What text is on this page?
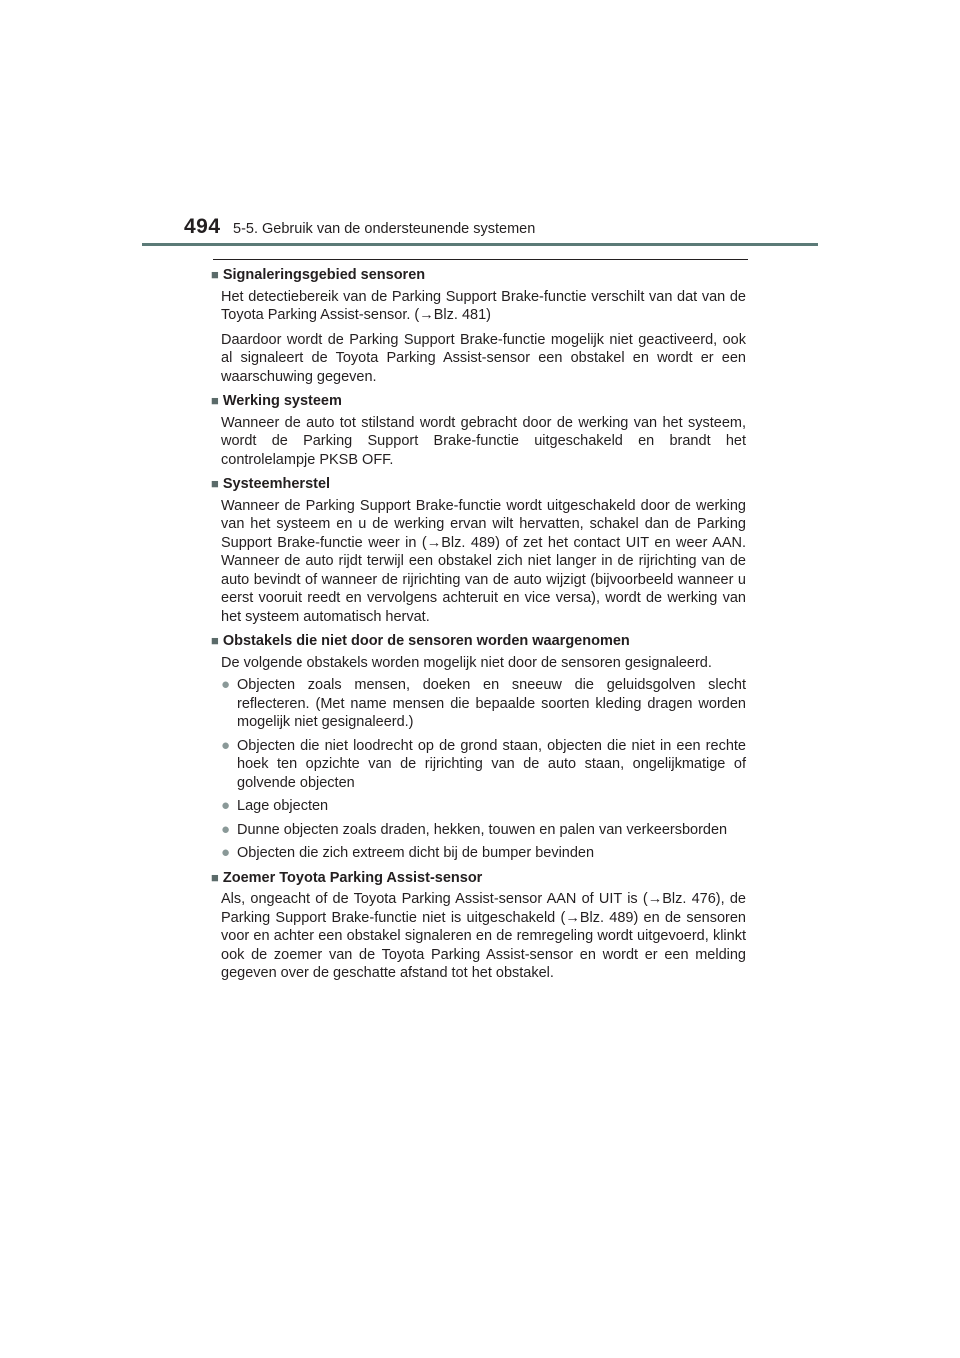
494 5-5. Gebruik van de ondersteunende systemen
■ Signaleringsgebied sensoren
Het detectiebereik van de Parking Support Brake-functie verschilt van dat van de Toyota Parking Assist-sensor. (→Blz. 481)
Daardoor wordt de Parking Support Brake-functie mogelijk niet geactiveerd, ook al signaleert de Toyota Parking Assist-sensor een obstakel en wordt er een waarschuwing gegeven.
■ Werking systeem
Wanneer de auto tot stilstand wordt gebracht door de werking van het systeem, wordt de Parking Support Brake-functie uitgeschakeld en brandt het controlelampje PKSB OFF.
■ Systeemherstel
Wanneer de Parking Support Brake-functie wordt uitgeschakeld door de werking van het systeem en u de werking ervan wilt hervatten, schakel dan de Parking Support Brake-functie weer in (→Blz. 489) of zet het contact UIT en weer AAN. Wanneer de auto rijdt terwijl een obstakel zich niet langer in de rijrichting van de auto bevindt of wanneer de rijrichting van de auto wijzigt (bijvoorbeeld wanneer u eerst vooruit reedt en vervolgens achteruit en vice versa), wordt de werking van het systeem automatisch hervat.
■ Obstakels die niet door de sensoren worden waargenomen
De volgende obstakels worden mogelijk niet door de sensoren gesignaleerd.
● Objecten zoals mensen, doeken en sneeuw die geluidsgolven slecht reflecteren. (Met name mensen die bepaalde soorten kleding dragen worden mogelijk niet gesignaleerd.)
● Objecten die niet loodrecht op de grond staan, objecten die niet in een rechte hoek ten opzichte van de rijrichting van de auto staan, ongelijkmatige of golvende objecten
● Lage objecten
● Dunne objecten zoals draden, hekken, touwen en palen van verkeersborden
● Objecten die zich extreem dicht bij de bumper bevinden
■ Zoemer Toyota Parking Assist-sensor
Als, ongeacht of de Toyota Parking Assist-sensor AAN of UIT is (→Blz. 476), de Parking Support Brake-functie niet is uitgeschakeld (→Blz. 489) en de sensoren voor en achter een obstakel signaleren en de remregeling wordt uitgevoerd, klinkt ook de zoemer van de Toyota Parking Assist-sensor en wordt er een melding gegeven over de geschatte afstand tot het obstakel.
